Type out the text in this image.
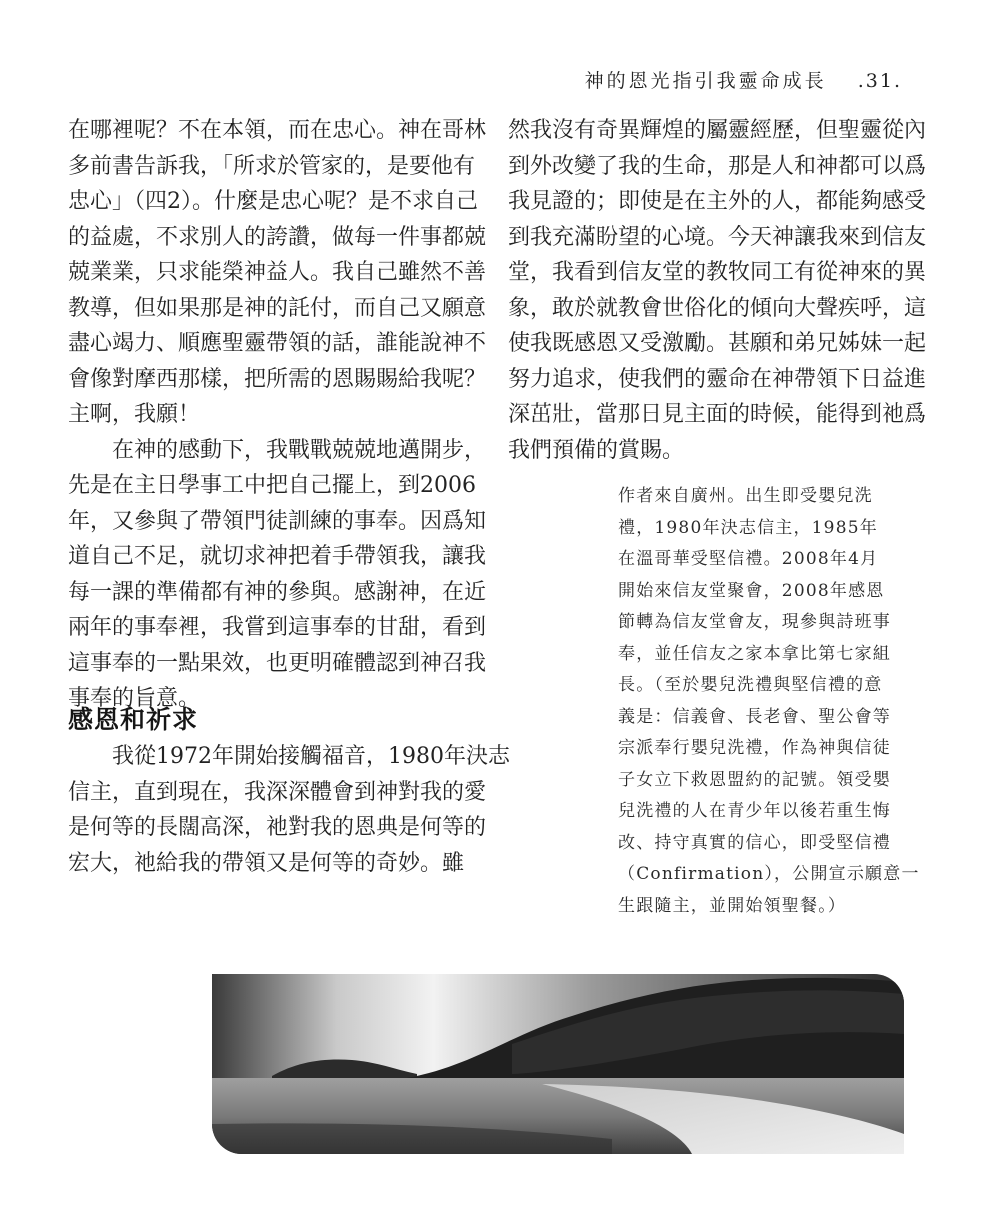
神的恩光指引我靈命成長 .31.
在哪裡呢？不在本領，而在忠心。神在哥林
多前書告訴我，「所求於管家的，是要他有
忠心」（四2）。什麼是忠心呢？是不求自己
的益處，不求別人的誇讚，做每一件事都兢
兢業業，只求能榮神益人。我自己雖然不善
教導，但如果那是神的託付，而自己又願意
盡心竭力、順應聖靈帶領的話，誰能說神不
會像對摩西那樣，把所需的恩賜賜給我呢？
主啊，我願！
在神的感動下，我戰戰兢兢地邁開步，
先是在主日學事工中把自己擺上，到2006
年，又參與了帶領門徒訓練的事奉。因爲知
道自己不足，就切求神把着手帶領我，讓我
每一課的準備都有神的參與。感謝神，在近
兩年的事奉裡，我嘗到這事奉的甘甜，看到
這事奉的一點果效，也更明確體認到神召我
事奉的旨意。
感恩和祈求
我從1972年開始接觸福音，1980年決志
信主，直到現在，我深深體會到神對我的愛
是何等的長闊高深，祂對我的恩典是何等的
宏大，祂給我的帶領又是何等的奇妙。雖
然我沒有奇異輝煌的屬靈經歷，但聖靈從內
到外改變了我的生命，那是人和神都可以爲
我見證的；即使是在主外的人，都能夠感受
到我充滿盼望的心境。今天神讓我來到信友
堂，我看到信友堂的教牧同工有從神來的異
象，敢於就教會世俗化的傾向大聲疾呼，這
使我既感恩又受激勵。甚願和弟兄姊妹一起
努力追求，使我們的靈命在神帶領下日益進
深茁壯，當那日見主面的時候，能得到祂爲
我們預備的賞賜。
作者來自廣州。出生即受嬰兒洗
禮，1980年決志信主，1985年
在溫哥華受堅信禮。2008年4月
開始來信友堂聚會，2008年感恩
節轉為信友堂會友，現參與詩班事
奉，並任信友之家本拿比第七家組
長。（至於嬰兒洗禮與堅信禮的意
義是：信義會、長老會、聖公會等
宗派奉行嬰兒洗禮，作為神與信徒
子女立下救恩盟約的記號。領受嬰
兒洗禮的人在青少年以後若重生悔
改、持守真實的信心，即受堅信禮
（Confirmation），公開宣示願意一
生跟隨主，並開始領聖餐。）
